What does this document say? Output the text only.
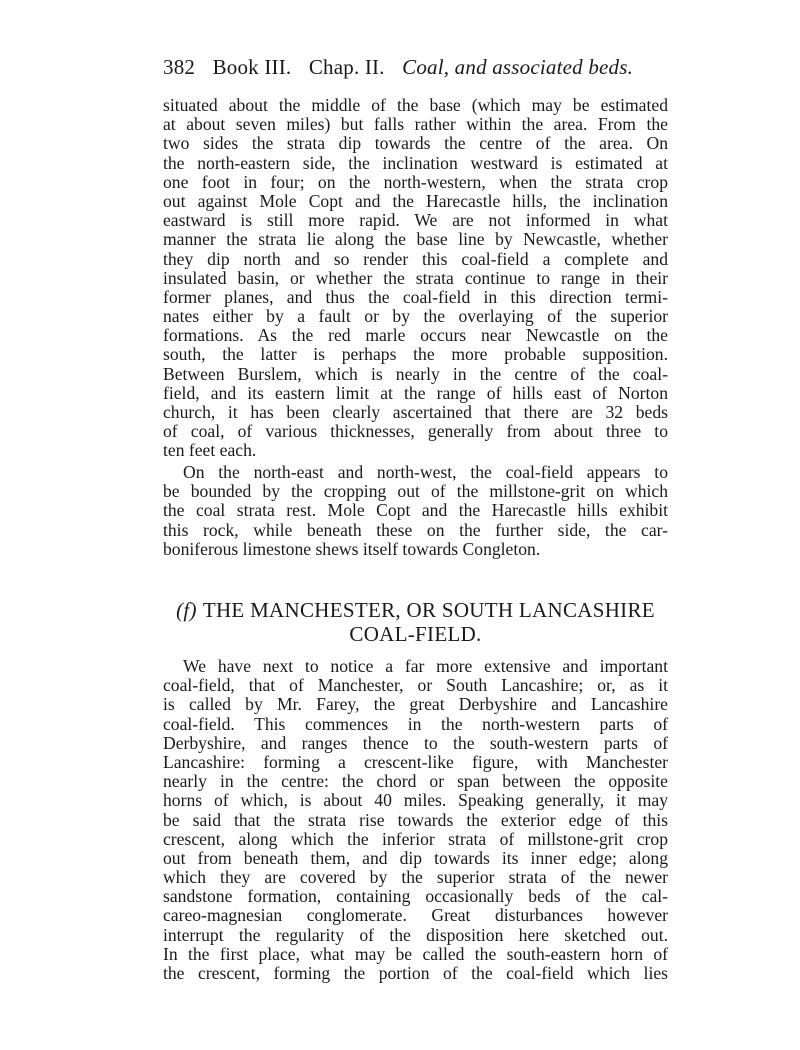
382 Book III. Chap. II. Coal, and associated beds.
situated about the middle of the base (which may be estimated
at about seven miles) but falls rather within the area. From the
two sides the strata dip towards the centre of the area. On
the north-eastern side, the inclination westward is estimated at
one foot in four; on the north-western, when the strata crop
out against Mole Copt and the Harecastle hills, the inclination
eastward is still more rapid. We are not informed in what
manner the strata lie along the base line by Newcastle, whether
they dip north and so render this coal-field a complete and
insulated basin, or whether the strata continue to range in their
former planes, and thus the coal-field in this direction termi-
nates either by a fault or by the overlaying of the superior
formations. As the red marle occurs near Newcastle on the
south, the latter is perhaps the more probable supposition.
Between Burslem, which is nearly in the centre of the coal-
field, and its eastern limit at the range of hills east of Norton
church, it has been clearly ascertained that there are 32 beds
of coal, of various thicknesses, generally from about three to
ten feet each.
On the north-east and north-west, the coal-field appears to
be bounded by the cropping out of the millstone-grit on which
the coal strata rest. Mole Copt and the Harecastle hills exhibit
this rock, while beneath these on the further side, the car-
boniferous limestone shews itself towards Congleton.
(f) THE MANCHESTER, OR SOUTH LANCASHIRE
COAL-FIELD.
We have next to notice a far more extensive and important
coal-field, that of Manchester, or South Lancashire; or, as it
is called by Mr. Farey, the great Derbyshire and Lancashire
coal-field. This commences in the north-western parts of
Derbyshire, and ranges thence to the south-western parts of
Lancashire: forming a crescent-like figure, with Manchester
nearly in the centre: the chord or span between the opposite
horns of which, is about 40 miles. Speaking generally, it may
be said that the strata rise towards the exterior edge of this
crescent, along which the inferior strata of millstone-grit crop
out from beneath them, and dip towards its inner edge; along
which they are covered by the superior strata of the newer
sandstone formation, containing occasionally beds of the cal-
careo-magnesian conglomerate. Great disturbances however
interrupt the regularity of the disposition here sketched out.
In the first place, what may be called the south-eastern horn of
the crescent, forming the portion of the coal-field which lies
